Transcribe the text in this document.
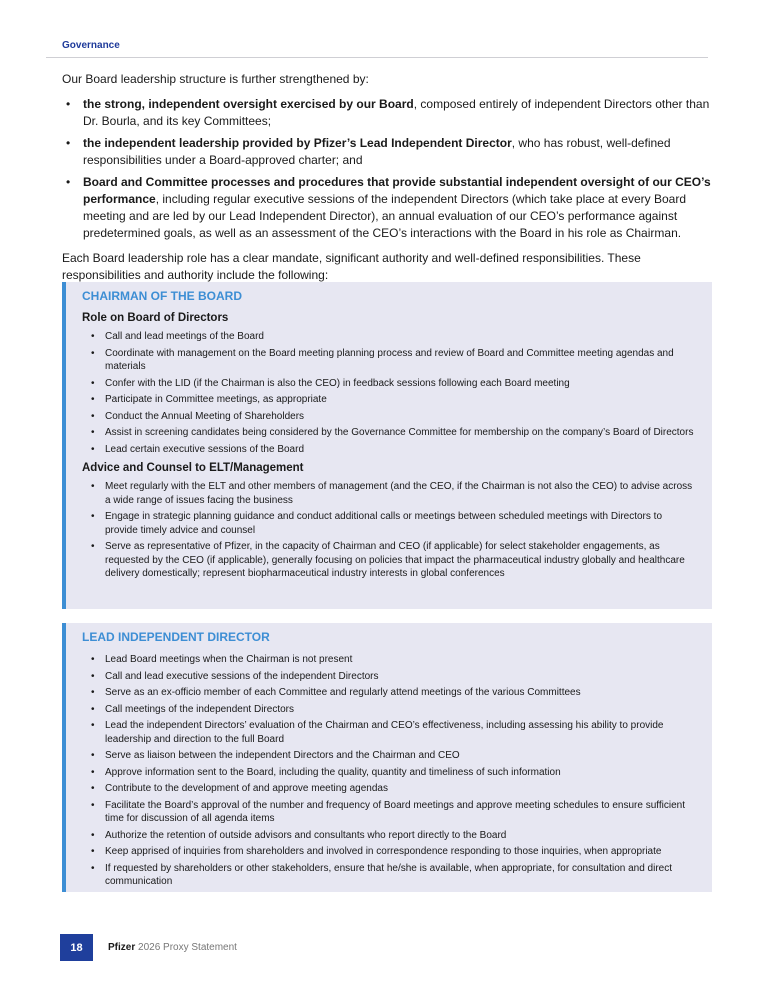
Governance

Our Board leadership structure is further strengthened by:

• the strong, independent oversight exercised by our Board, composed entirely of independent Directors other than Dr. Bourla, and its key Committees;
• the independent leadership provided by Pfizer’s Lead Independent Director, who has robust, well-defined responsibilities under a Board-approved charter; and
• Board and Committee processes and procedures that provide substantial independent oversight of our CEO’s performance, including regular executive sessions of the independent Directors (which take place at every Board meeting and are led by our Lead Independent Director), an annual evaluation of our CEO’s performance against predetermined goals, as well as an assessment of the CEO’s interactions with the Board in his role as Chairman.

Each Board leadership role has a clear mandate, significant authority and well-defined responsibilities. These responsibilities and authority include the following:

CHAIRMAN OF THE BOARD
Role on Board of Directors
• Call and lead meetings of the Board
• Coordinate with management on the Board meeting planning process and review of Board and Committee meeting agendas and materials
• Confer with the LID (if the Chairman is also the CEO) in feedback sessions following each Board meeting
• Participate in Committee meetings, as appropriate
• Conduct the Annual Meeting of Shareholders
• Assist in screening candidates being considered by the Governance Committee for membership on the company’s Board of Directors
• Lead certain executive sessions of the Board
Advice and Counsel to ELT/Management
• Meet regularly with the ELT and other members of management (and the CEO, if the Chairman is not also the CEO) to advise across a wide range of issues facing the business
• Engage in strategic planning guidance and conduct additional calls or meetings between scheduled meetings with Directors to provide timely advice and counsel
• Serve as representative of Pfizer, in the capacity of Chairman and CEO (if applicable) for select stakeholder engagements, as requested by the CEO (if applicable), generally focusing on policies that impact the pharmaceutical industry globally and healthcare delivery domestically; represent biopharmaceutical industry interests in global conferences
LEAD INDEPENDENT DIRECTOR
• Lead Board meetings when the Chairman is not present
• Call and lead executive sessions of the independent Directors
• Serve as an ex-officio member of each Committee and regularly attend meetings of the various Committees
• Call meetings of the independent Directors
• Lead the independent Directors’ evaluation of the Chairman and CEO’s effectiveness, including assessing his ability to provide leadership and direction to the full Board
• Serve as liaison between the independent Directors and the Chairman and CEO
• Approve information sent to the Board, including the quality, quantity and timeliness of such information
• Contribute to the development of and approve meeting agendas
• Facilitate the Board’s approval of the number and frequency of Board meetings and approve meeting schedules to ensure sufficient time for discussion of all agenda items
• Authorize the retention of outside advisors and consultants who report directly to the Board
• Keep apprised of inquiries from shareholders and involved in correspondence responding to those inquiries, when appropriate
• If requested by shareholders or other stakeholders, ensure that he/she is available, when appropriate, for consultation and direct communication
18	Pfizer 2026 Proxy Statement
